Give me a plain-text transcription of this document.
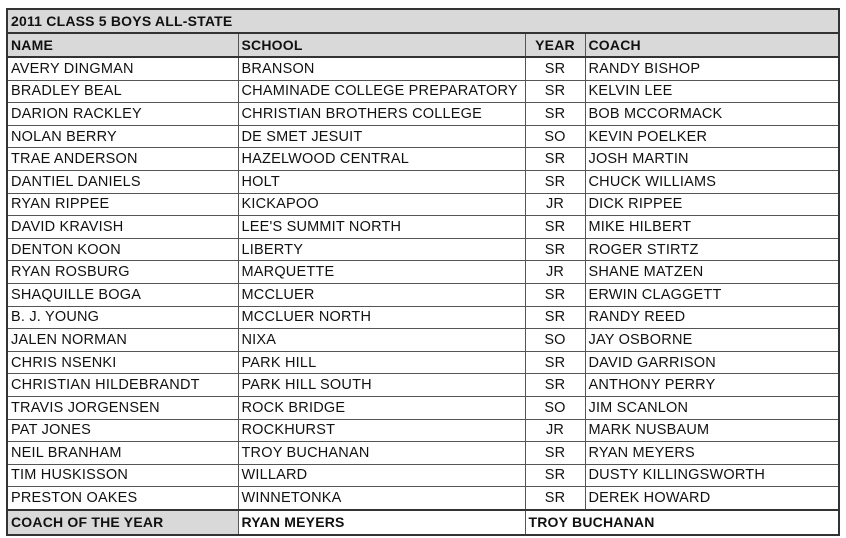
2011 CLASS 5 BOYS ALL-STATE			
NAME	SCHOOL	YEAR	COACH
AVERY DINGMAN	BRANSON	SR	RANDY BISHOP
BRADLEY BEAL	CHAMINADE COLLEGE PREPARATORY	SR	KELVIN LEE
DARION RACKLEY	CHRISTIAN BROTHERS COLLEGE	SR	BOB MCCORMACK
NOLAN BERRY	DE SMET JESUIT	SO	KEVIN POELKER
TRAE ANDERSON	HAZELWOOD CENTRAL	SR	JOSH MARTIN
DANTIEL DANIELS	HOLT	SR	CHUCK WILLIAMS
RYAN RIPPEE	KICKAPOO	JR	DICK RIPPEE
DAVID KRAVISH	LEE'S SUMMIT NORTH	SR	MIKE HILBERT
DENTON KOON	LIBERTY	SR	ROGER STIRTZ
RYAN ROSBURG	MARQUETTE	JR	SHANE MATZEN
SHAQUILLE BOGA	MCCLUER	SR	ERWIN CLAGGETT
B. J. YOUNG	MCCLUER NORTH	SR	RANDY REED
JALEN NORMAN	NIXA	SO	JAY OSBORNE
CHRIS NSENKI	PARK HILL	SR	DAVID GARRISON
CHRISTIAN HILDEBRANDT	PARK HILL SOUTH	SR	ANTHONY PERRY
TRAVIS JORGENSEN	ROCK BRIDGE	SO	JIM SCANLON
PAT JONES	ROCKHURST	JR	MARK NUSBAUM
NEIL BRANHAM	TROY BUCHANAN	SR	RYAN MEYERS
TIM HUSKISSON	WILLARD	SR	DUSTY KILLINGSWORTH
PRESTON OAKES	WINNETONKA	SR	DEREK HOWARD
COACH OF THE YEAR	RYAN MEYERS	TROY BUCHANAN	
